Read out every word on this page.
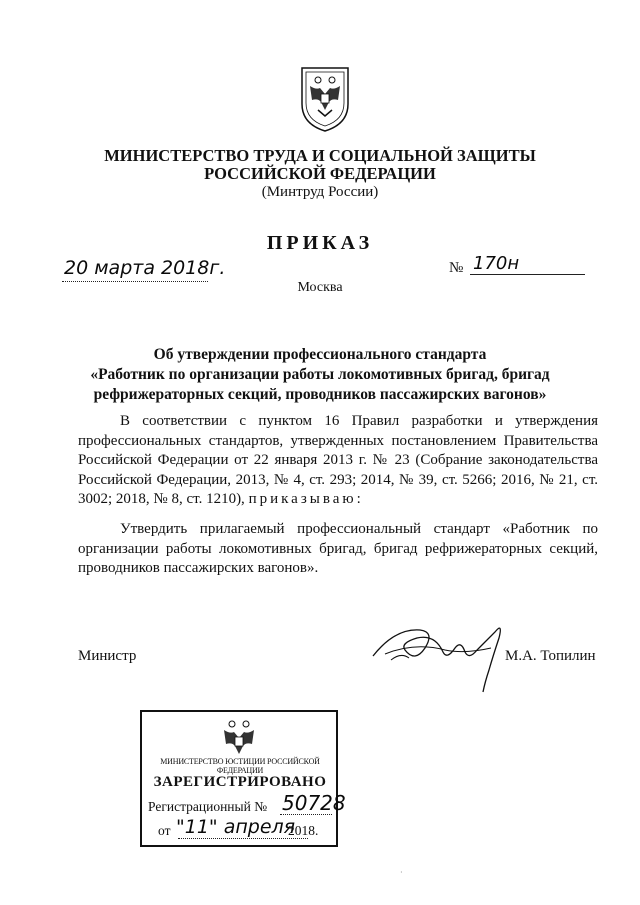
МИНИСТЕРСТВО ТРУДА И СОЦИАЛЬНОЙ ЗАЩИТЫ
РОССИЙСКОЙ ФЕДЕРАЦИИ
(Минтруд России)
ПРИКАЗ
20 марта 2018г.	№ 170н
Москва
Об утверждении профессионального стандарта
«Работник по организации работы локомотивных бригад, бригад
рефрижераторных секций, проводников пассажирских вагонов»
В соответствии с пунктом 16 Правил разработки и утверждения профессиональных стандартов, утвержденных постановлением Правительства Российской Федерации от 22 января 2013 г. № 23 (Собрание законодательства Российской Федерации, 2013, № 4, ст. 293; 2014, № 39, ст. 5266; 2016, № 21, ст. 3002; 2018, № 8, ст. 1210), приказываю:
Утвердить прилагаемый профессиональный стандарт «Работник по организации работы локомотивных бригад, бригад рефрижераторных секций, проводников пассажирских вагонов».
Министр	М.А. Топилин
МИНИСТЕРСТВО ЮСТИЦИИ РОССИЙСКОЙ ФЕДЕРАЦИИ
ЗАРЕГИСТРИРОВАНО
Регистрационный № 50728
от "11" апреля
2018.
·
